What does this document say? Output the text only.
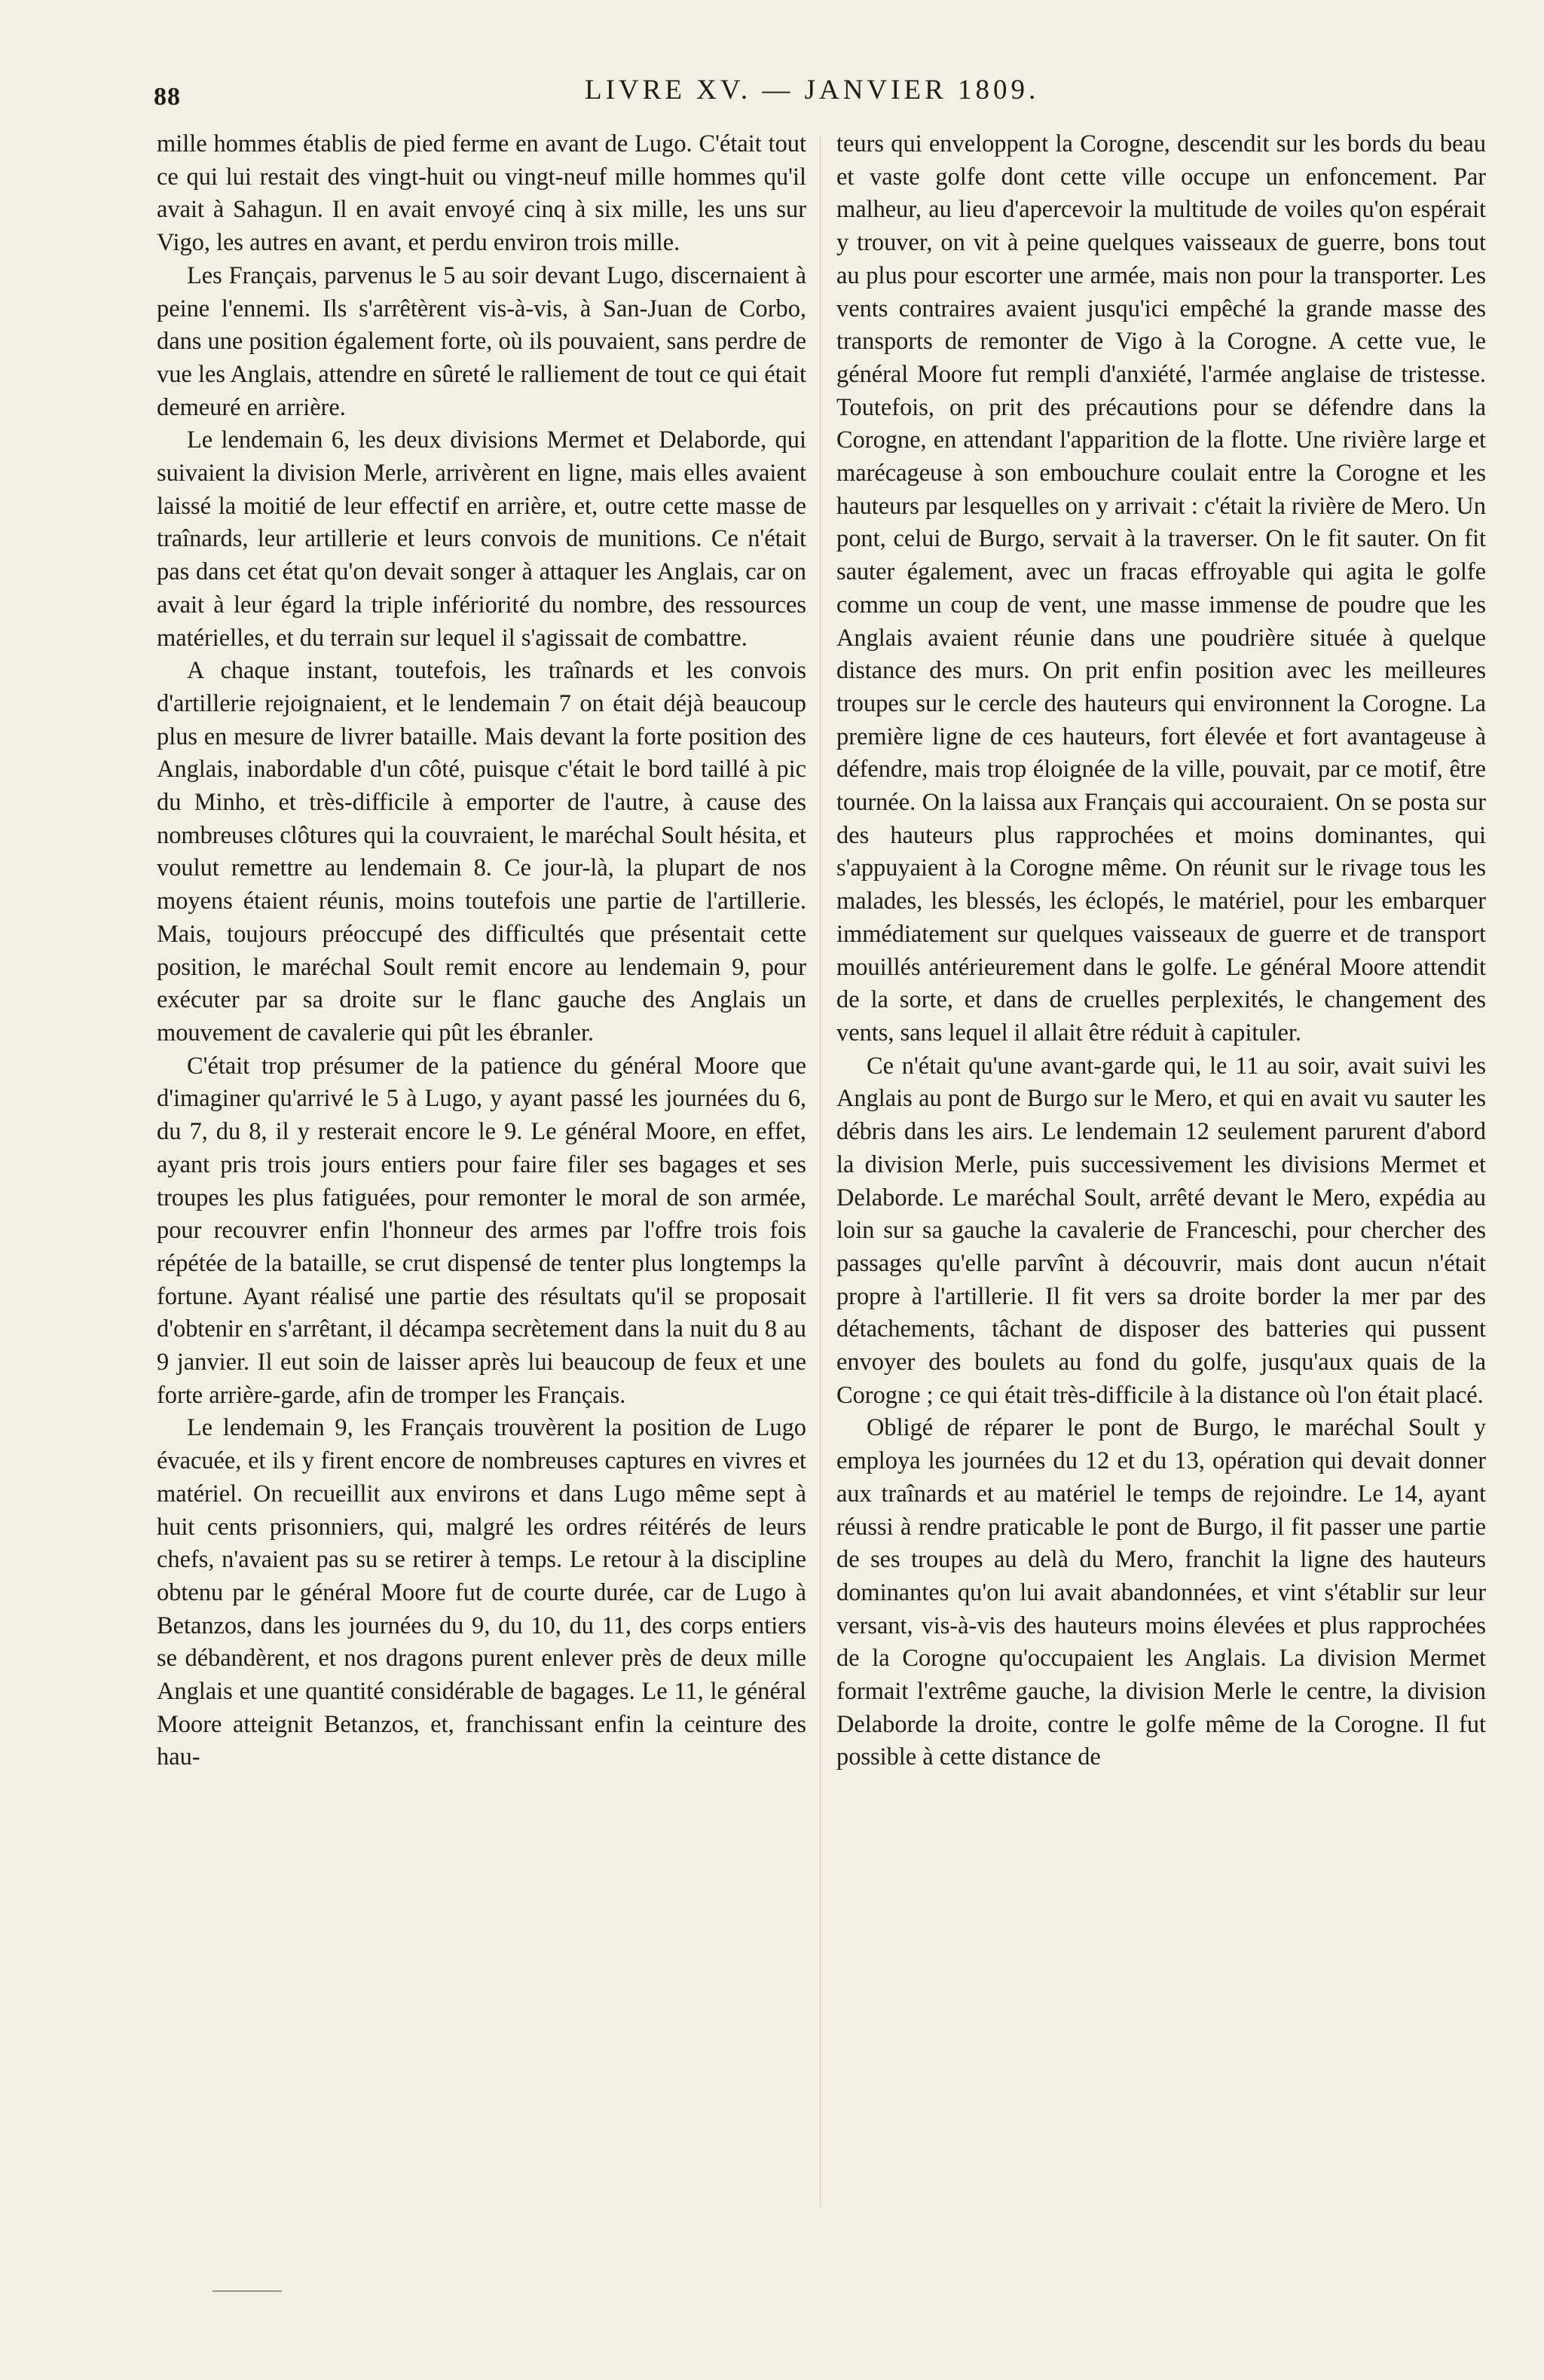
88	LIVRE XV. — JANVIER 1809.

mille hommes établis de pied ferme en avant de Lugo. C'était tout ce qui lui restait des vingt-huit ou vingt-neuf mille hommes qu'il avait à Sahagun. Il en avait envoyé cinq à six mille, les uns sur Vigo, les autres en avant, et perdu environ trois mille.

Les Français, parvenus le 5 au soir devant Lugo, discernaient à peine l'ennemi. Ils s'arrêtèrent vis-à-vis, à San-Juan de Corbo, dans une position également forte, où ils pouvaient, sans perdre de vue les Anglais, attendre en sûreté le ralliement de tout ce qui était demeuré en arrière.

Le lendemain 6, les deux divisions Mermet et Delaborde, qui suivaient la division Merle, arrivèrent en ligne, mais elles avaient laissé la moitié de leur effectif en arrière, et, outre cette masse de traînards, leur artillerie et leurs convois de munitions. Ce n'était pas dans cet état qu'on devait songer à attaquer les Anglais, car on avait à leur égard la triple infériorité du nombre, des ressources matérielles, et du terrain sur lequel il s'agissait de combattre.

A chaque instant, toutefois, les traînards et les convois d'artillerie rejoignaient, et le lendemain 7 on était déjà beaucoup plus en mesure de livrer bataille. Mais devant la forte position des Anglais, inabordable d'un côté, puisque c'était le bord taillé à pic du Minho, et très-difficile à emporter de l'autre, à cause des nombreuses clôtures qui la couvraient, le maréchal Soult hésita, et voulut remettre au lendemain 8. Ce jour-là, la plupart de nos moyens étaient réunis, moins toutefois une partie de l'artillerie. Mais, toujours préoccupé des difficultés que présentait cette position, le maréchal Soult remit encore au lendemain 9, pour exécuter par sa droite sur le flanc gauche des Anglais un mouvement de cavalerie qui pût les ébranler.

C'était trop présumer de la patience du général Moore que d'imaginer qu'arrivé le 5 à Lugo, y ayant passé les journées du 6, du 7, du 8, il y resterait encore le 9. Le général Moore, en effet, ayant pris trois jours entiers pour faire filer ses bagages et ses troupes les plus fatiguées, pour remonter le moral de son armée, pour recouvrer enfin l'honneur des armes par l'offre trois fois répétée de la bataille, se crut dispensé de tenter plus longtemps la fortune. Ayant réalisé une partie des résultats qu'il se proposait d'obtenir en s'arrêtant, il décampa secrètement dans la nuit du 8 au 9 janvier. Il eut soin de laisser après lui beaucoup de feux et une forte arrière-garde, afin de tromper les Français.

Le lendemain 9, les Français trouvèrent la position de Lugo évacuée, et ils y firent encore de nombreuses captures en vivres et matériel. On recueillit aux environs et dans Lugo même sept à huit cents prisonniers, qui, malgré les ordres réitérés de leurs chefs, n'avaient pas su se retirer à temps. Le retour à la discipline obtenu par le général Moore fut de courte durée, car de Lugo à Betanzos, dans les journées du 9, du 10, du 11, des corps entiers se débandèrent, et nos dragons purent enlever près de deux mille Anglais et une quantité considérable de bagages. Le 11, le général Moore atteignit Betanzos, et, franchissant enfin la ceinture des hau-

teurs qui enveloppent la Corogne, descendit sur les bords du beau et vaste golfe dont cette ville occupe un enfoncement. Par malheur, au lieu d'apercevoir la multitude de voiles qu'on espérait y trouver, on vit à peine quelques vaisseaux de guerre, bons tout au plus pour escorter une armée, mais non pour la transporter. Les vents contraires avaient jusqu'ici empêché la grande masse des transports de remonter de Vigo à la Corogne. A cette vue, le général Moore fut rempli d'anxiété, l'armée anglaise de tristesse. Toutefois, on prit des précautions pour se défendre dans la Corogne, en attendant l'apparition de la flotte. Une rivière large et marécageuse à son embouchure coulait entre la Corogne et les hauteurs par lesquelles on y arrivait : c'était la rivière de Mero. Un pont, celui de Burgo, servait à la traverser. On le fit sauter. On fit sauter également, avec un fracas effroyable qui agita le golfe comme un coup de vent, une masse immense de poudre que les Anglais avaient réunie dans une poudrière située à quelque distance des murs. On prit enfin position avec les meilleures troupes sur le cercle des hauteurs qui environnent la Corogne. La première ligne de ces hauteurs, fort élevée et fort avantageuse à défendre, mais trop éloignée de la ville, pouvait, par ce motif, être tournée. On la laissa aux Français qui accouraient. On se posta sur des hauteurs plus rapprochées et moins dominantes, qui s'appuyaient à la Corogne même. On réunit sur le rivage tous les malades, les blessés, les éclopés, le matériel, pour les embarquer immédiatement sur quelques vaisseaux de guerre et de transport mouillés antérieurement dans le golfe. Le général Moore attendit de la sorte, et dans de cruelles perplexités, le changement des vents, sans lequel il allait être réduit à capituler.

Ce n'était qu'une avant-garde qui, le 11 au soir, avait suivi les Anglais au pont de Burgo sur le Mero, et qui en avait vu sauter les débris dans les airs. Le lendemain 12 seulement parurent d'abord la division Merle, puis successivement les divisions Mermet et Delaborde. Le maréchal Soult, arrêté devant le Mero, expédia au loin sur sa gauche la cavalerie de Franceschi, pour chercher des passages qu'elle parvînt à découvrir, mais dont aucun n'était propre à l'artillerie. Il fit vers sa droite border la mer par des détachements, tâchant de disposer des batteries qui pussent envoyer des boulets au fond du golfe, jusqu'aux quais de la Corogne ; ce qui était très-difficile à la distance où l'on était placé.

Obligé de réparer le pont de Burgo, le maréchal Soult y employa les journées du 12 et du 13, opération qui devait donner aux traînards et au matériel le temps de rejoindre. Le 14, ayant réussi à rendre praticable le pont de Burgo, il fit passer une partie de ses troupes au delà du Mero, franchit la ligne des hauteurs dominantes qu'on lui avait abandonnées, et vint s'établir sur leur versant, vis-à-vis des hauteurs moins élevées et plus rapprochées de la Corogne qu'occupaient les Anglais. La division Mermet formait l'extrême gauche, la division Merle le centre, la division Delaborde la droite, contre le golfe même de la Corogne. Il fut possible à cette distance de
